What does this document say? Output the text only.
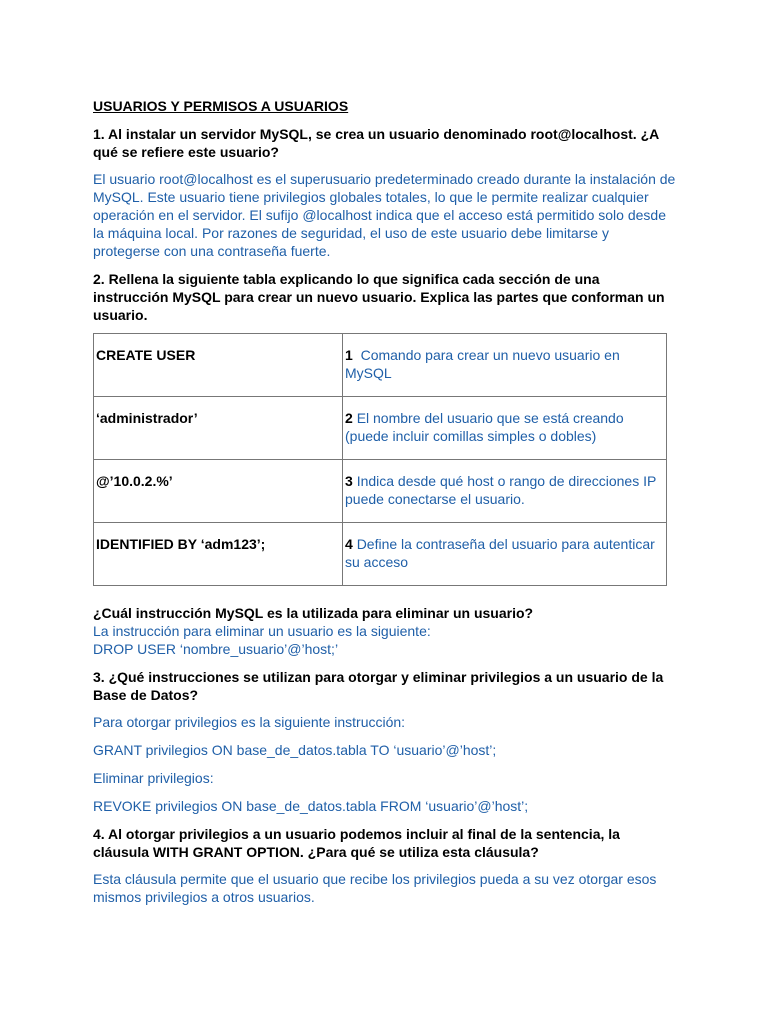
USUARIOS Y PERMISOS A USUARIOS

1. Al instalar un servidor MySQL, se crea un usuario denominado root@localhost. ¿A qué se refiere este usuario?

El usuario root@localhost es el superusuario predeterminado creado durante la instalación de MySQL. Este usuario tiene privilegios globales totales, lo que le permite realizar cualquier operación en el servidor. El sufijo @localhost indica que el acceso está permitido solo desde la máquina local. Por razones de seguridad, el uso de este usuario debe limitarse y protegerse con una contraseña fuerte.

2. Rellena la siguiente tabla explicando lo que significa cada sección de una instrucción MySQL para crear un nuevo usuario. Explica las partes que conforman un usuario.

CREATE USER	1 Comando para crear un nuevo usuario en MySQL
‘administrador’	2 El nombre del usuario que se está creando (puede incluir comillas simples o dobles)
@’10.0.2.%’	3 Indica desde qué host o rango de direcciones IP puede conectarse el usuario.
IDENTIFIED BY ‘adm123’;	4 Define la contraseña del usuario para autenticar su acceso

¿Cuál instrucción MySQL es la utilizada para eliminar un usuario?

La instrucción para eliminar un usuario es la siguiente:

DROP USER ‘nombre_usuario’@’host;’

3. ¿Qué instrucciones se utilizan para otorgar y eliminar privilegios a un usuario de la Base de Datos?

Para otorgar privilegios es la siguiente instrucción:

GRANT privilegios ON base_de_datos.tabla TO ‘usuario’@’host’;

Eliminar privilegios:

REVOKE privilegios ON base_de_datos.tabla FROM ‘usuario’@’host’;

4. Al otorgar privilegios a un usuario podemos incluir al final de la sentencia, la cláusula WITH GRANT OPTION. ¿Para qué se utiliza esta cláusula?

Esta cláusula permite que el usuario que recibe los privilegios pueda a su vez otorgar esos mismos privilegios a otros usuarios.
